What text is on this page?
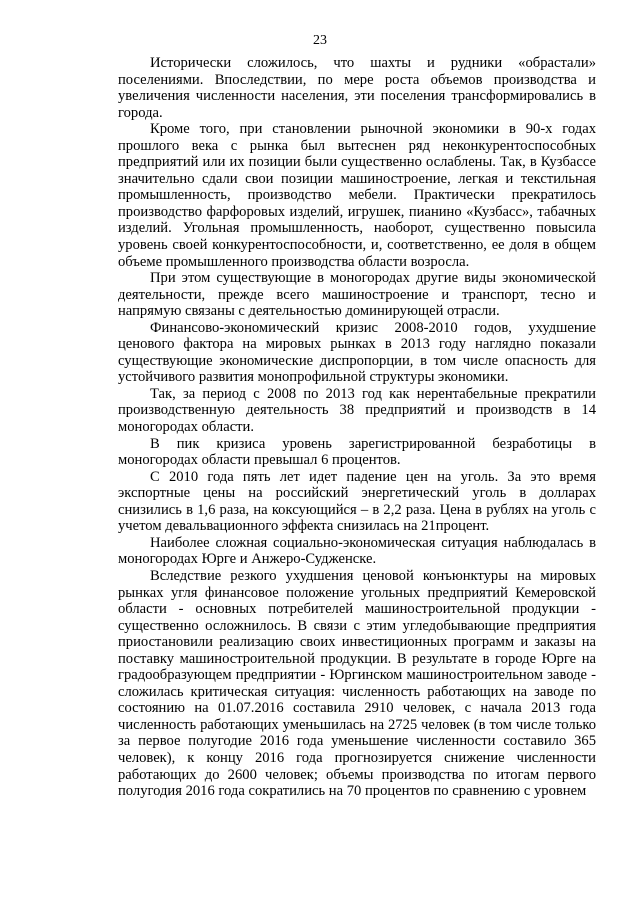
23

Исторически сложилось, что шахты и рудники «обрастали» поселениями. Впоследствии, по мере роста объемов производства и увеличения численности населения, эти поселения трансформировались в города.

Кроме того, при становлении рыночной экономики в 90-х годах прошлого века с рынка был вытеснен ряд неконкурентоспособных предприятий или их позиции были существенно ослаблены. Так, в Кузбассе значительно сдали свои позиции машиностроение, легкая и текстильная промышленность, производство мебели. Практически прекратилось производство фарфоровых изделий, игрушек, пианино «Кузбасс», табачных изделий. Угольная промышленность, наоборот, существенно повысила уровень своей конкурентоспособности, и, соответственно, ее доля в общем объеме промышленного производства области возросла.

При этом существующие в моногородах другие виды экономической деятельности, прежде всего машиностроение и транспорт, тесно и напрямую связаны с деятельностью доминирующей отрасли.

Финансово-экономический кризис 2008-2010 годов, ухудшение ценового фактора на мировых рынках в 2013 году наглядно показали существующие экономические диспропорции, в том числе опасность для устойчивого развития монопрофильной структуры экономики.

Так, за период с 2008 по 2013 год как нерентабельные прекратили производственную деятельность 38 предприятий и производств в 14 моногородах области.

В пик кризиса уровень зарегистрированной безработицы в моногородах области превышал 6 процентов.

С 2010 года пять лет идет падение цен на уголь. За это время экспортные цены на российский энергетический уголь в долларах снизились в 1,6 раза, на коксующийся – в 2,2 раза. Цена в рублях на уголь с учетом девальвационного эффекта снизилась на 21процент.

Наиболее сложная социально-экономическая ситуация наблюдалась в моногородах Юрге и Анжеро-Судженске.

Вследствие резкого ухудшения ценовой конъюнктуры на мировых рынках угля финансовое положение угольных предприятий Кемеровской области - основных потребителей машиностроительной продукции - существенно осложнилось. В связи с этим угледобывающие предприятия приостановили реализацию своих инвестиционных программ и заказы на поставку машиностроительной продукции. В результате в городе Юрге на градообразующем предприятии - Юргинском машиностроительном заводе - сложилась критическая ситуация: численность работающих на заводе по состоянию на 01.07.2016 составила 2910 человек, с начала 2013 года численность работающих уменьшилась на 2725 человек (в том числе только за первое полугодие 2016 года уменьшение численности составило 365 человек), к концу 2016 года прогнозируется снижение численности работающих до 2600 человек; объемы производства по итогам первого полугодия 2016 года сократились на 70 процентов по сравнению с уровнем
